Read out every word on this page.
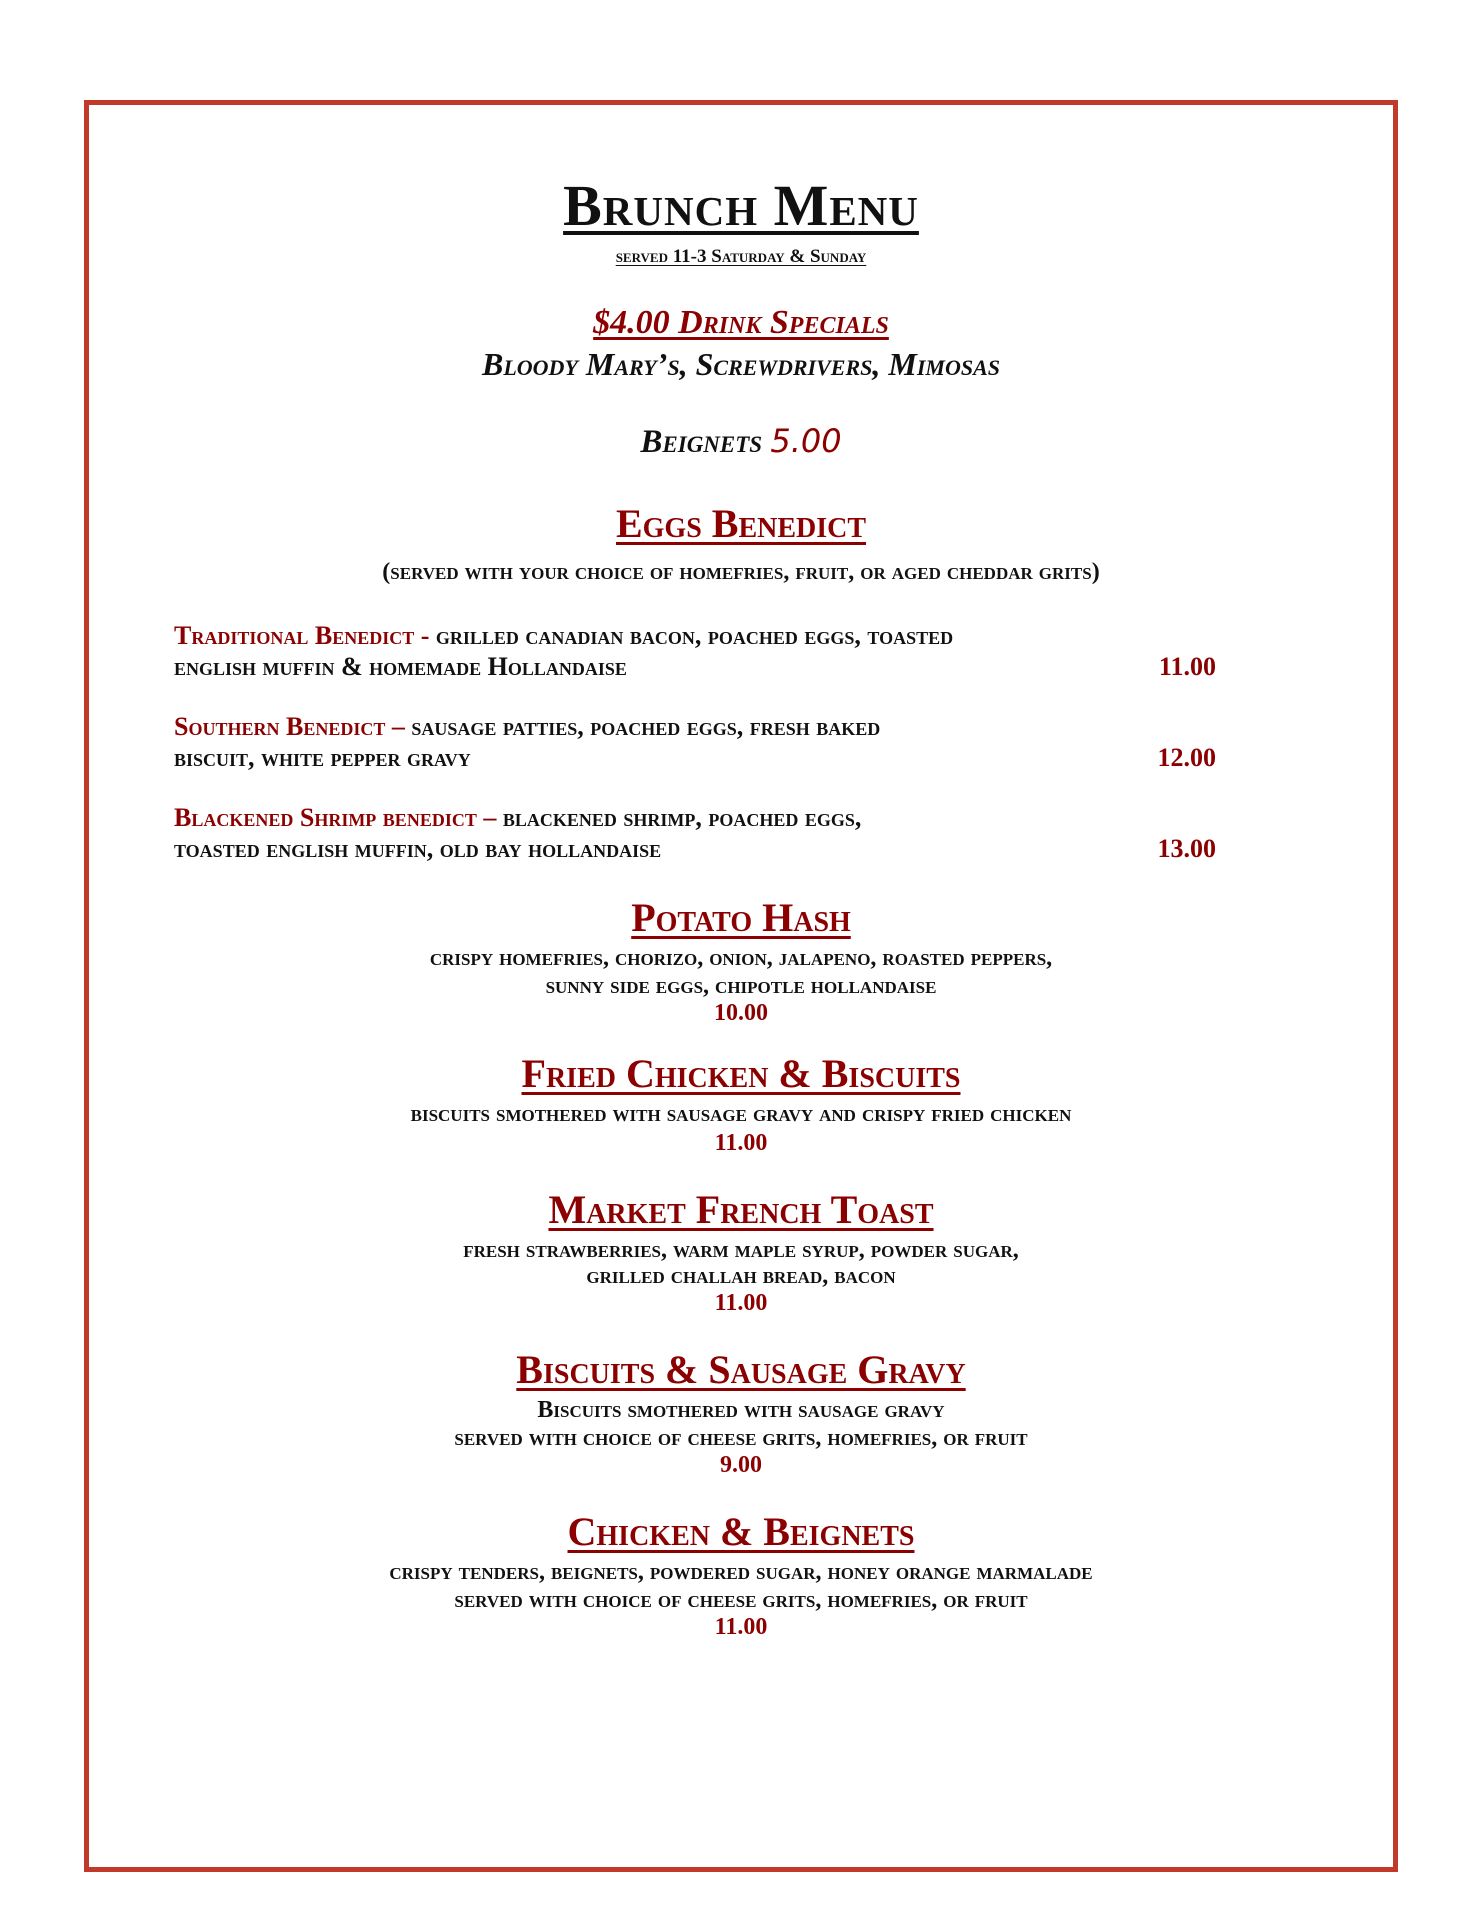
Brunch Menu
served 11-3 Saturday & Sunday
$4.00 Drink Specials
Bloody Mary’s, Screwdrivers, Mimosas
Beignets 5.00
Eggs Benedict
(served with your choice of homefries, fruit, or aged cheddar grits)
Traditional Benedict - grilled canadian bacon, poached eggs, toasted
english muffin & homemade Hollandaise	11.00
Southern Benedict – sausage patties, poached eggs, fresh baked
biscuit, white pepper gravy	12.00
Blackened Shrimp benedict – blackened shrimp, poached eggs,
toasted english muffin, old bay hollandaise	13.00
Potato Hash
crispy homefries, chorizo, onion, jalapeno, roasted peppers,
sunny side eggs, chipotle hollandaise
10.00
Fried Chicken & Biscuits
biscuits smothered with sausage gravy and crispy fried chicken
11.00
Market French Toast
fresh strawberries, warm maple syrup, powder sugar,
grilled challah bread, bacon
11.00
Biscuits & Sausage Gravy
Biscuits smothered with sausage gravy
served with choice of cheese grits, homefries, or fruit
9.00
Chicken & Beignets
crispy tenders, beignets, powdered sugar, honey orange marmalade
served with choice of cheese grits, homefries, or fruit
11.00
